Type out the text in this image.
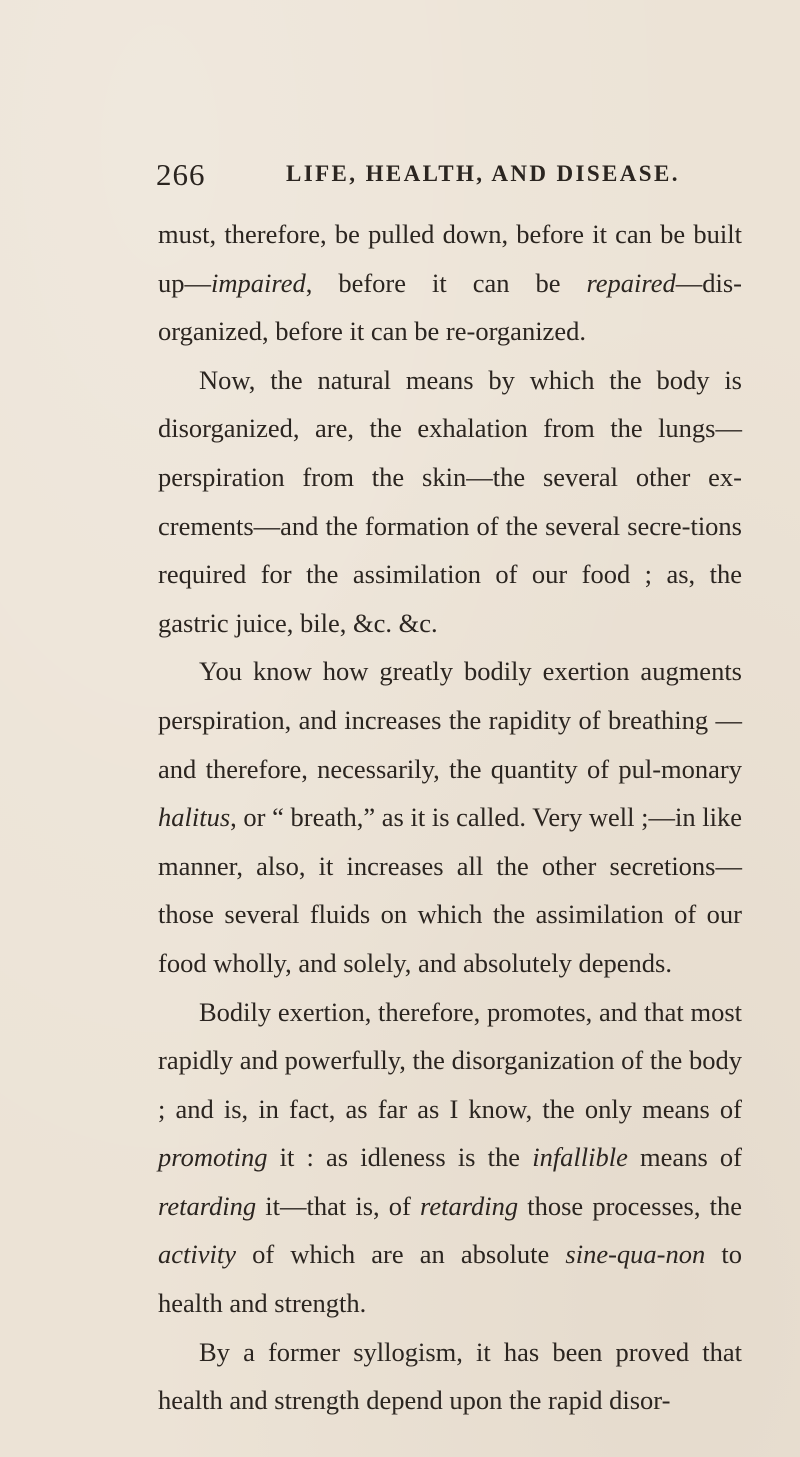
266	LIFE, HEALTH, AND DISEASE.

must, therefore, be pulled down, before it can be built up—impaired, before it can be repaired—dis-organized, before it can be re-organized.

Now, the natural means by which the body is disorganized, are, the exhalation from the lungs—perspiration from the skin—the several other ex-crements—and the formation of the several secre-tions required for the assimilation of our food ; as, the gastric juice, bile, &c. &c.

You know how greatly bodily exertion augments perspiration, and increases the rapidity of breathing —and therefore, necessarily, the quantity of pul-monary halitus, or “ breath,” as it is called. Very well ;—in like manner, also, it increases all the other secretions—those several fluids on which the assimilation of our food wholly, and solely, and absolutely depends.

Bodily exertion, therefore, promotes, and that most rapidly and powerfully, the disorganization of the body ; and is, in fact, as far as I know, the only means of promoting it : as idleness is the infallible means of retarding it—that is, of retarding those processes, the activity of which are an absolute sine-qua-non to health and strength.

By a former syllogism, it has been proved that health and strength depend upon the rapid disor-
